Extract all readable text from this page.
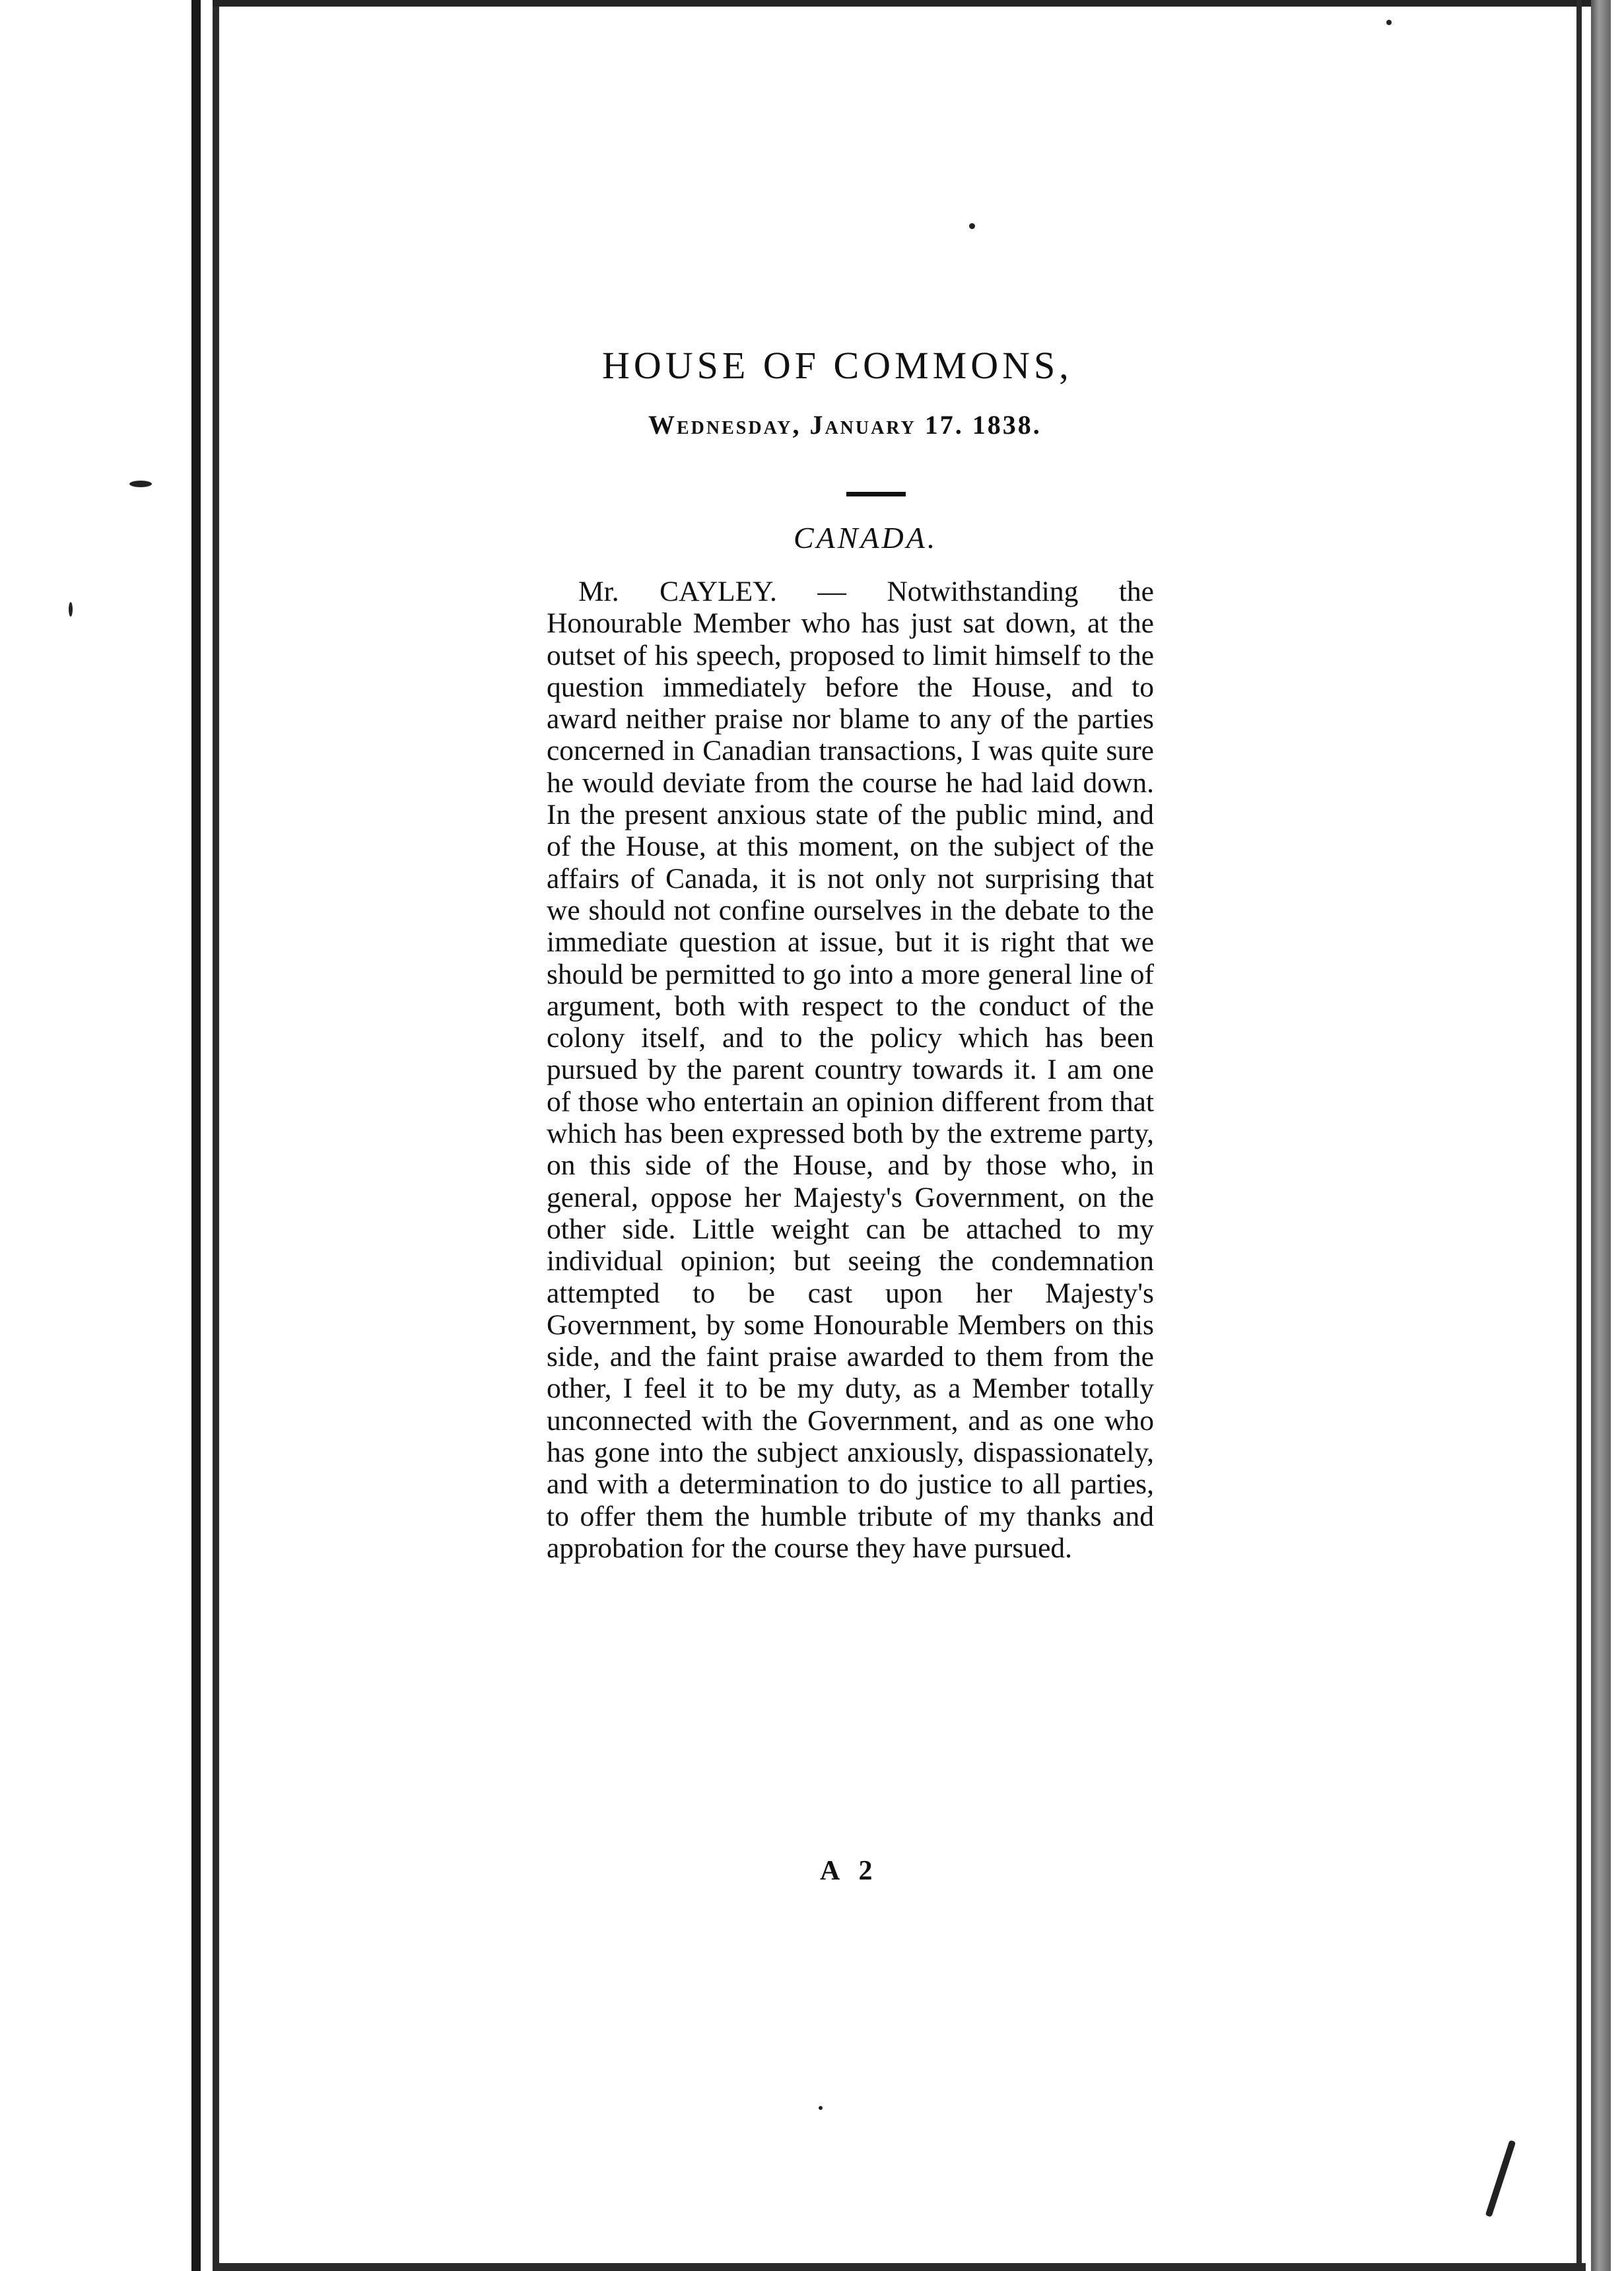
HOUSE OF COMMONS,
Wednesday, January 17. 1838.
CANADA.
Mr. CAYLEY. — Notwithstanding the Honourable Member who has just sat down, at the outset of his speech, proposed to limit himself to the question immediately before the House, and to award neither praise nor blame to any of the parties concerned in Canadian transactions, I was quite sure he would deviate from the course he had laid down. In the present anxious state of the public mind, and of the House, at this moment, on the subject of the affairs of Canada, it is not only not surprising that we should not confine ourselves in the debate to the immediate question at issue, but it is right that we should be permitted to go into a more general line of argument, both with respect to the conduct of the colony itself, and to the policy which has been pursued by the parent country towards it. I am one of those who entertain an opinion different from that which has been expressed both by the extreme party, on this side of the House, and by those who, in general, oppose her Majesty's Government, on the other side. Little weight can be attached to my individual opinion; but seeing the condemnation attempted to be cast upon her Majesty's Government, by some Honourable Members on this side, and the faint praise awarded to them from the other, I feel it to be my duty, as a Member totally unconnected with the Government, and as one who has gone into the subject anxiously, dispassionately, and with a determination to do justice to all parties, to offer them the humble tribute of my thanks and approbation for the course they have pursued.
A 2
